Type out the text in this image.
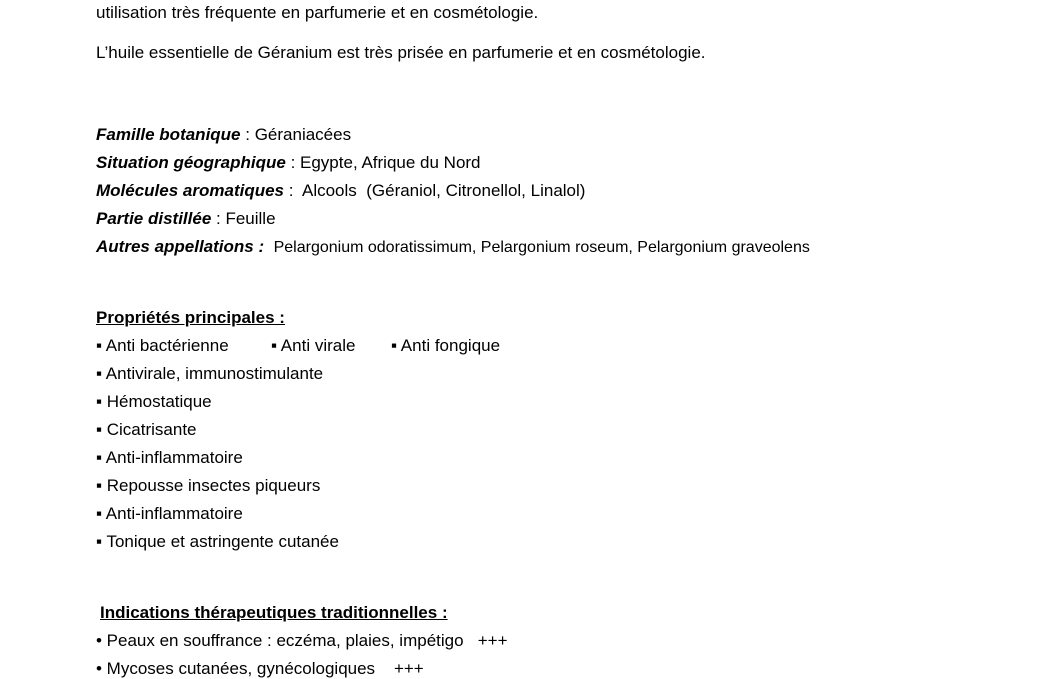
utilisation très fréquente en parfumerie et en cosmétologie.
L’huile essentielle de Géranium est très prisée en parfumerie et en cosmétologie.
Famille botanique : Géraniacées
Situation géographique : Egypte, Afrique du Nord
Molécules aromatiques :  Alcools  (Géraniol, Citronellol, Linalol)
Partie distillée : Feuille
Autres appellations : Pelargonium odoratissimum, Pelargonium roseum, Pelargonium graveolens
Propriétés principales :
▪ Anti bactérienne ▪ Anti virale ▪ Anti fongique
▪ Antivirale, immunostimulante
▪ Hémostatique
▪ Cicatrisante
▪ Anti-inflammatoire
▪ Repousse insectes piqueurs
▪ Anti-inflammatoire
▪ Tonique et astringente cutanée
Indications thérapeutiques traditionnelles :
• Peaux en souffrance : eczéma, plaies, impétigo   +++
• Mycoses cutanées, gynécologiques    +++
